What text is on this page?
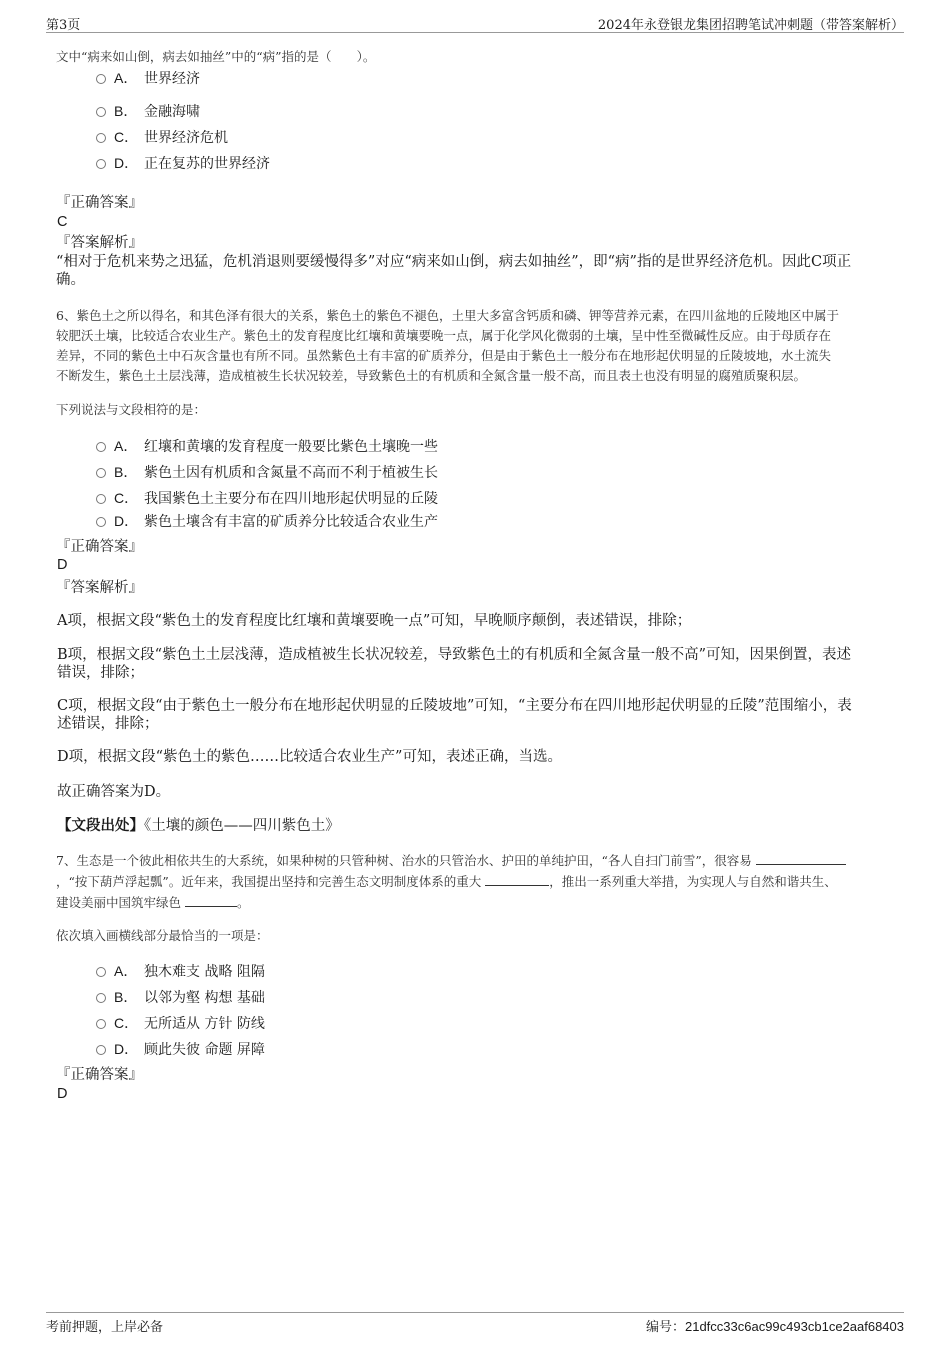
第3页	2024年永登银龙集团招聘笔试冲刺题（带答案解析）
文中“病来如山倒，病去如抽丝”中的“病”指的是（　　）。
A． 世界经济
B． 金融海啸
C． 世界经济危机
D． 正在复苏的世界经济
『正确答案』
C
『答案解析』
“相对于危机来势之迅猛，危机消退则要缓慢得多”对应“病来如山倒，病去如抽丝”，即“病”指的是世界经济危机。因此C项正
确。
6、紫色土之所以得名，和其色泽有很大的关系，紫色土的紫色不褪色，土里大多富含钙质和磷、钾等营养元素，在四川盆地的丘陵地区中属于
较肥沃土壤，比较适合农业生产。紫色土的发育程度比红壤和黄壤要晚一点，属于化学风化微弱的土壤，呈中性至微碱性反应。由于母质存在
差异，不同的紫色土中石灰含量也有所不同。虽然紫色土有丰富的矿质养分，但是由于紫色土一般分布在地形起伏明显的丘陵坡地，水土流失
不断发生，紫色土土层浅薄，造成植被生长状况较差，导致紫色土的有机质和全氮含量一般不高，而且表土也没有明显的腐殖质聚积层。
下列说法与文段相符的是：
A． 红壤和黄壤的发育程度一般要比紫色土壤晚一些
B． 紫色土因有机质和含氮量不高而不利于植被生长
C． 我国紫色土主要分布在四川地形起伏明显的丘陵
D． 紫色土壤含有丰富的矿质养分比较适合农业生产
『正确答案』
D
『答案解析』
A项，根据文段“紫色土的发育程度比红壤和黄壤要晚一点”可知，早晚顺序颠倒，表述错误，排除；
B项，根据文段“紫色土土层浅薄，造成植被生长状况较差，导致紫色土的有机质和全氮含量一般不高”可知，因果倒置，表述
错误，排除；
C项，根据文段“由于紫色土一般分布在地形起伏明显的丘陵坡地”可知，“主要分布在四川地形起伏明显的丘陵”范围缩小，表
述错误，排除；
D项，根据文段“紫色土的紫色……比较适合农业生产”可知，表述正确，当选。
故正确答案为D。
【文段出处】《土壤的颜色——四川紫色土》
7、生态是一个彼此相依共生的大系统，如果种树的只管种树、治水的只管治水、护田的单纯护田，“各人自扫门前雪”，很容易
，“按下葫芦浮起瓢”。近年来，我国提出坚持和完善生态文明制度体系的重大	，推出一系列重大举措，为实现人与自然和谐共生、
建设美丽中国筑牢绿色	。
依次填入画横线部分最恰当的一项是：
A． 独木难支 战略 阻隔
B． 以邻为壑 构想 基础
C． 无所适从 方针 防线
D． 顾此失彼 命题 屏障
『正确答案』
D
考前押题，上岸必备	编号：21dfcc33c6ac99c493cb1ce2aaf68403
